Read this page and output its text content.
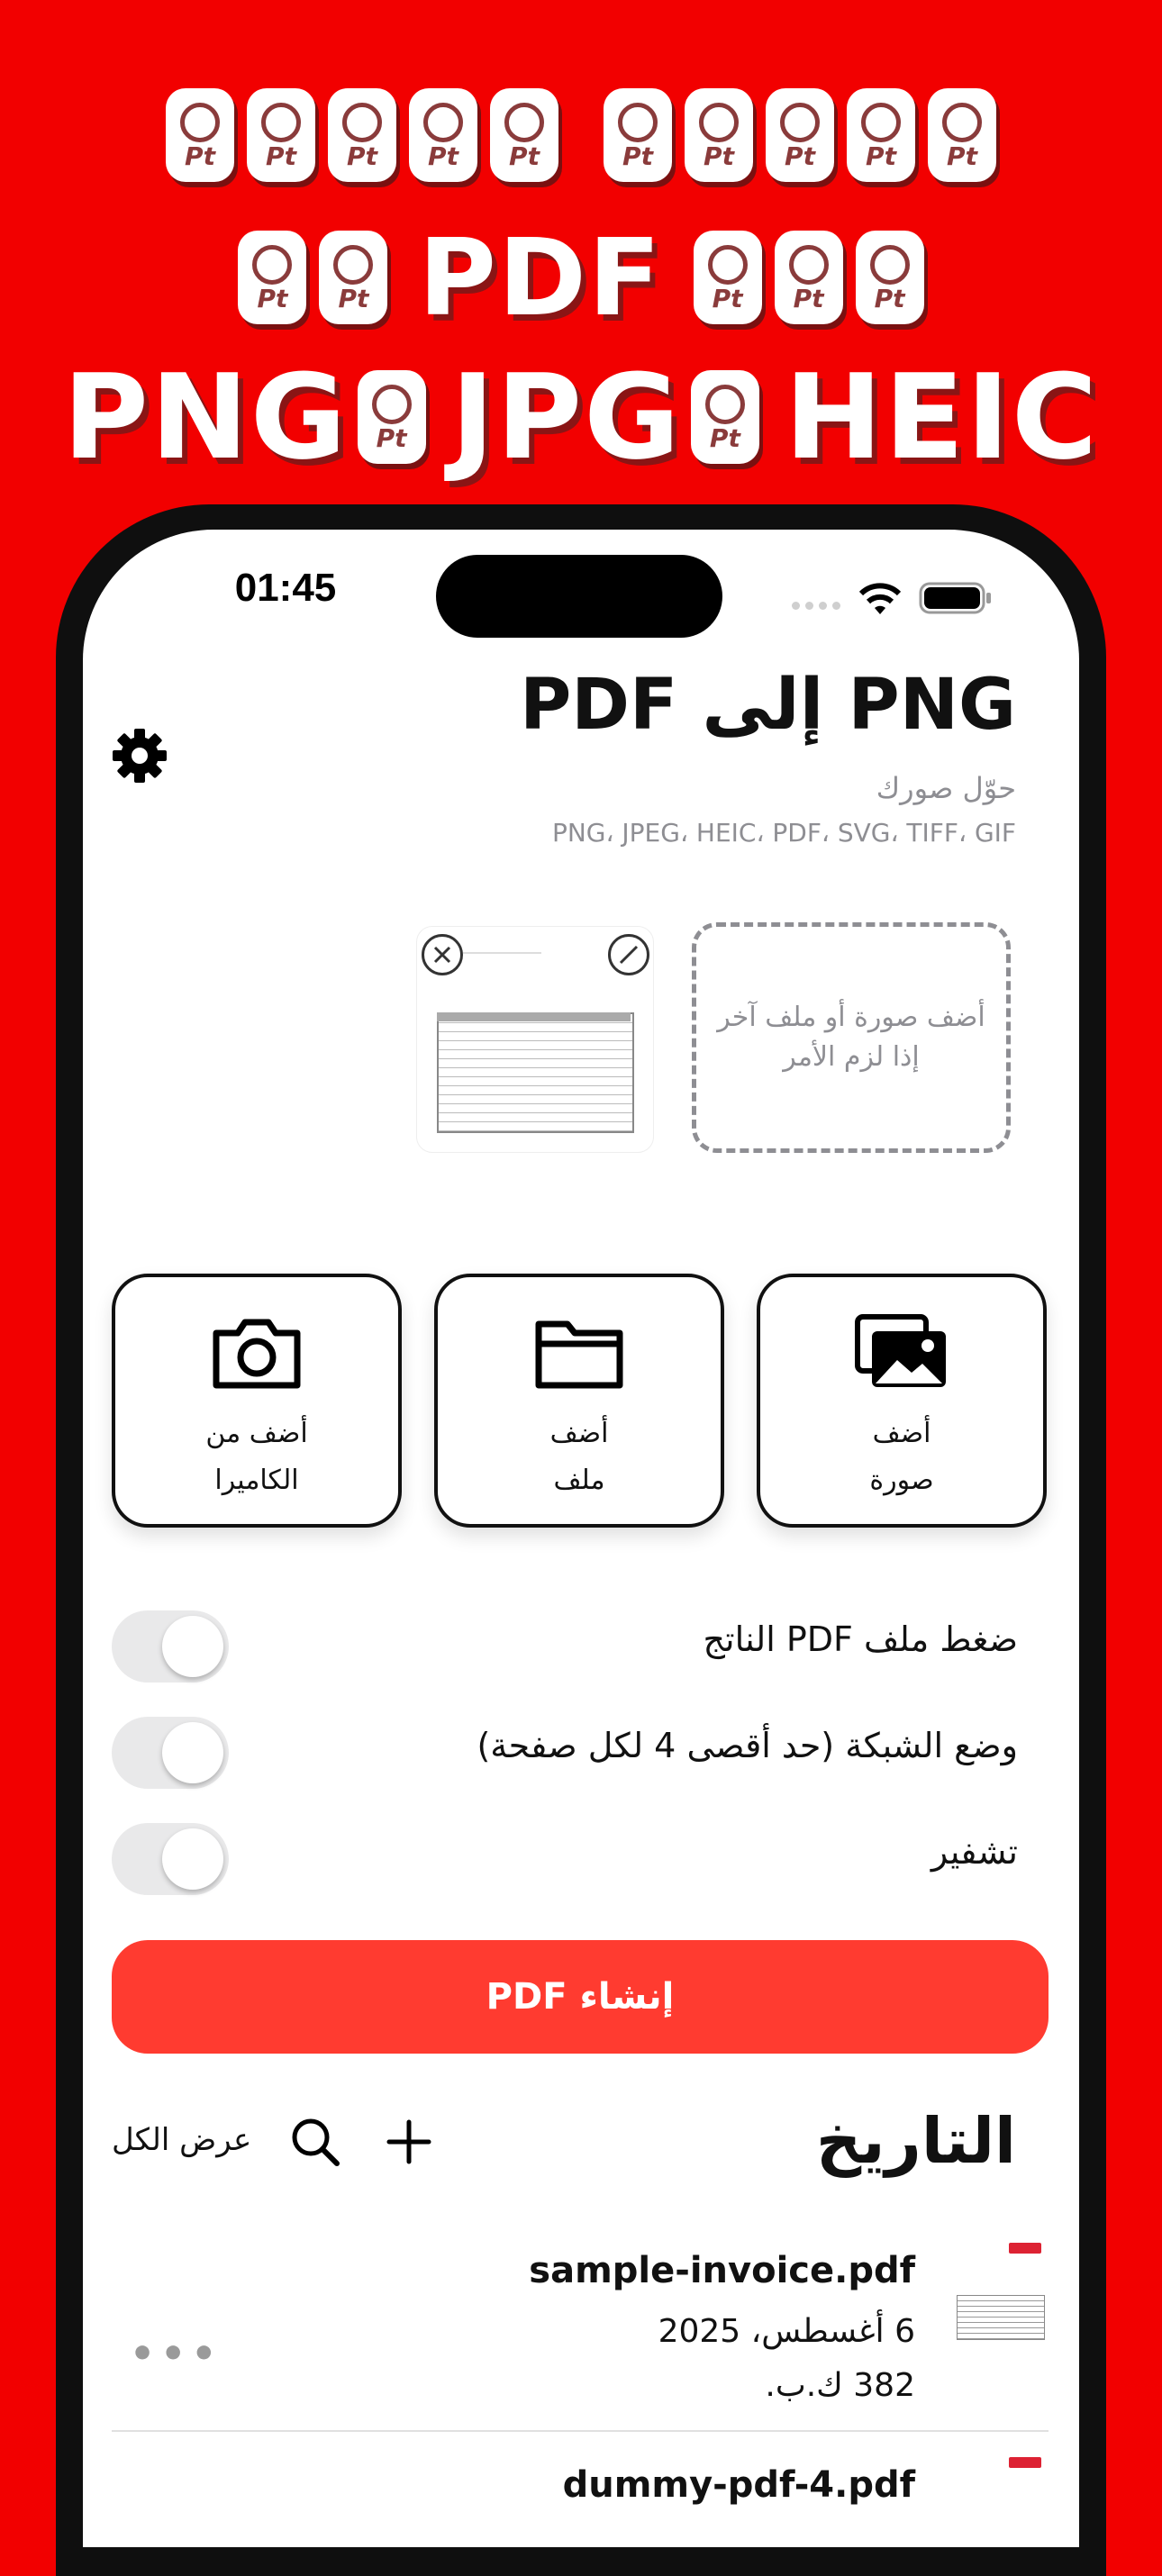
Pt
Pt
Pt
Pt
Pt
Pt
Pt
Pt
Pt
Pt
Pt
Pt
PDF
Pt
Pt
Pt
PNG Pt JPG Pt HEIC
01:45
PNG إلى PDF
حوّل صورك
PNG، JPEG، HEIC، PDF، SVG، TIFF، GIF
أضف صورة أو ملف آخر إذا لزم الأمر
أضف من
الكاميرا
أضف
ملف
أضف
صورة
ضغط ملف PDF الناتج
وضع الشبكة (حد أقصى 4 لكل صفحة)
تشفير
إنشاء PDF
التاريخ
عرض الكل
sample-invoice.pdf
6 أغسطس، 2025
382 ك.ب.
•••
dummy-pdf-4.pdf
